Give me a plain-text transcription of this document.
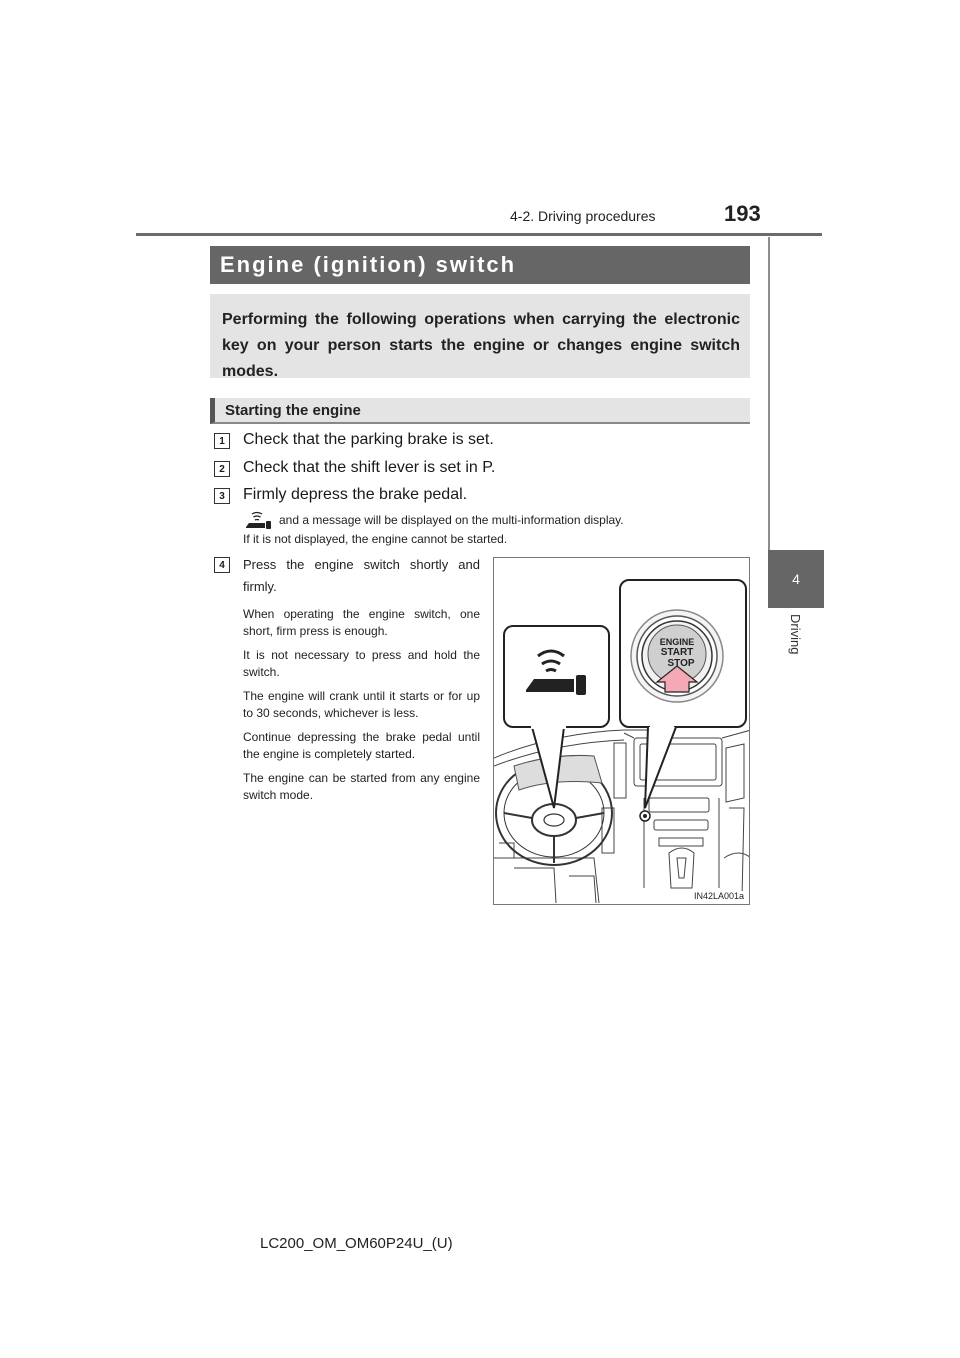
4-2. Driving procedures	193
4
Driving
Engine (ignition) switch
Performing the following operations when carrying the electronic key on your person starts the engine or changes engine switch modes.
Starting the engine
1	Check that the parking brake is set.
2	Check that the shift lever is set in P.
3	Firmly depress the brake pedal.
and a message will be displayed on the multi-information display.
If it is not displayed, the engine cannot be started.
4	Press the engine switch shortly and firmly.

When operating the engine switch, one short, firm press is enough.

It is not necessary to press and hold the switch.

The engine will crank until it starts or for up to 30 seconds, whichever is less.

Continue depressing the brake pedal until the engine is completely started.

The engine can be started from any engine switch mode.

ENGINE
START
STOP
IN42LA001a
LC200_OM_OM60P24U_(U)
